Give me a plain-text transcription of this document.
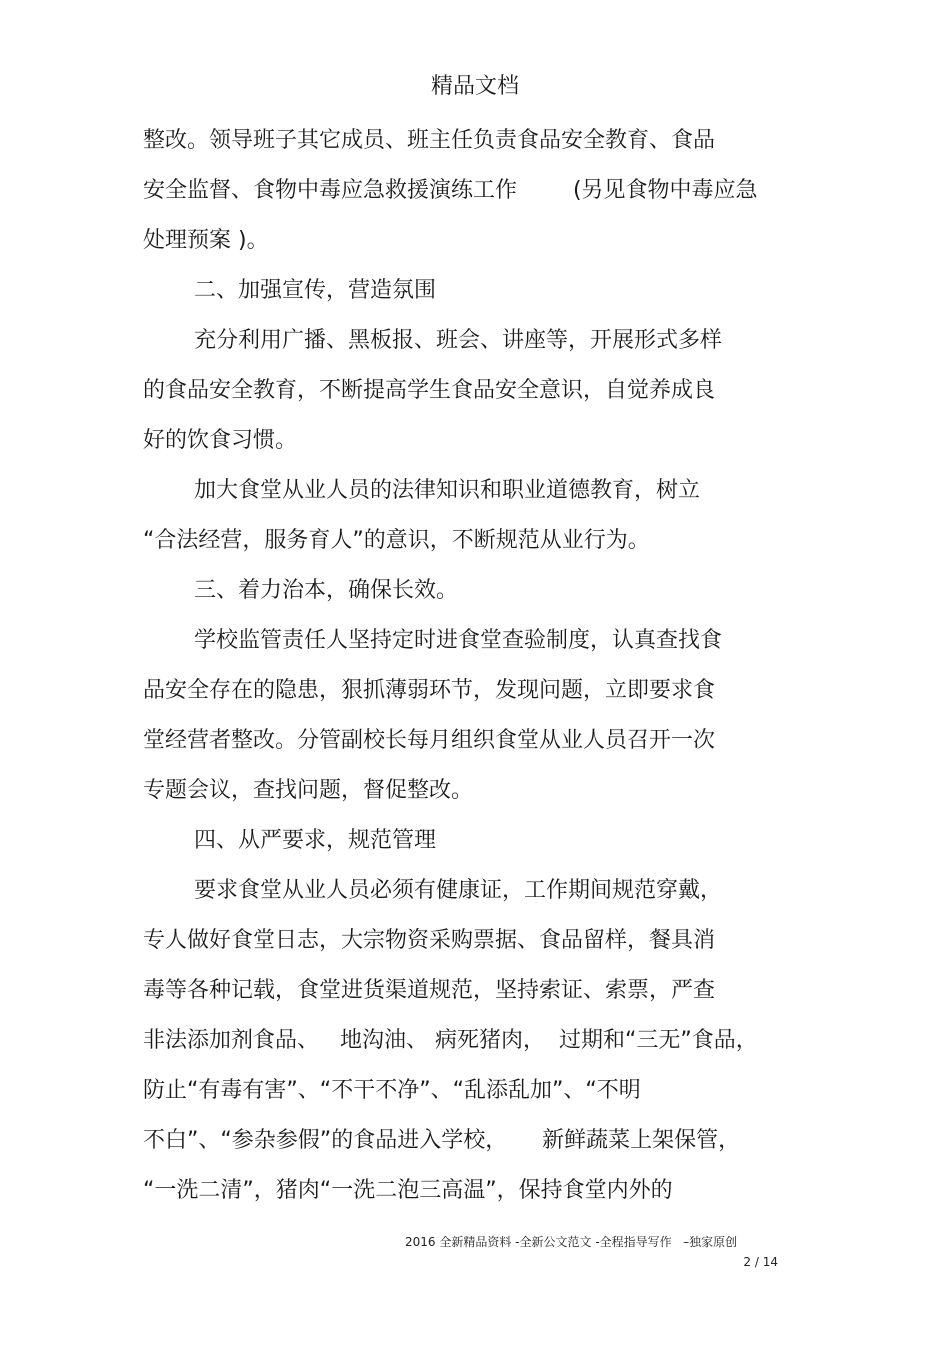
精品文档
整改。领导班子其它成员、班主任负责食品安全教育、食品
安全监督、食物中毒应急救援演练工作        (另见食物中毒应急
处理预案 )。
二、加强宣传，营造氛围
充分利用广播、黑板报、班会、讲座等，开展形式多样
的食品安全教育，不断提高学生食品安全意识，自觉养成良
好的饮食习惯。
加大食堂从业人员的法律知识和职业道德教育，树立
“合法经营，服务育人”的意识，不断规范从业行为。
三、着力治本，确保长效。
学校监管责任人坚持定时进食堂查验制度，认真查找食
品安全存在的隐患，狠抓薄弱环节，发现问题，立即要求食
堂经营者整改。分管副校长每月组织食堂从业人员召开一次
专题会议，查找问题，督促整改。
四、从严要求，规范管理
要求食堂从业人员必须有健康证，工作期间规范穿戴，
专人做好食堂日志，大宗物资采购票据、食品留样，餐具消
毒等各种记载，食堂进货渠道规范，坚持索证、索票，严查
非法添加剂食品、   地沟油、 病死猪肉，  过期和“三无”食品，
防止“有毒有害”、“不干不净”、“乱添乱加”、“不明
不白”、“参杂参假”的食品进入学校，     新鲜蔬菜上架保管，
“一洗二清”，猪肉“一洗二泡三高温”，保持食堂内外的
2016 全新精品资料 -全新公文范文 -全程指导写作   –独家原创
2 / 14
